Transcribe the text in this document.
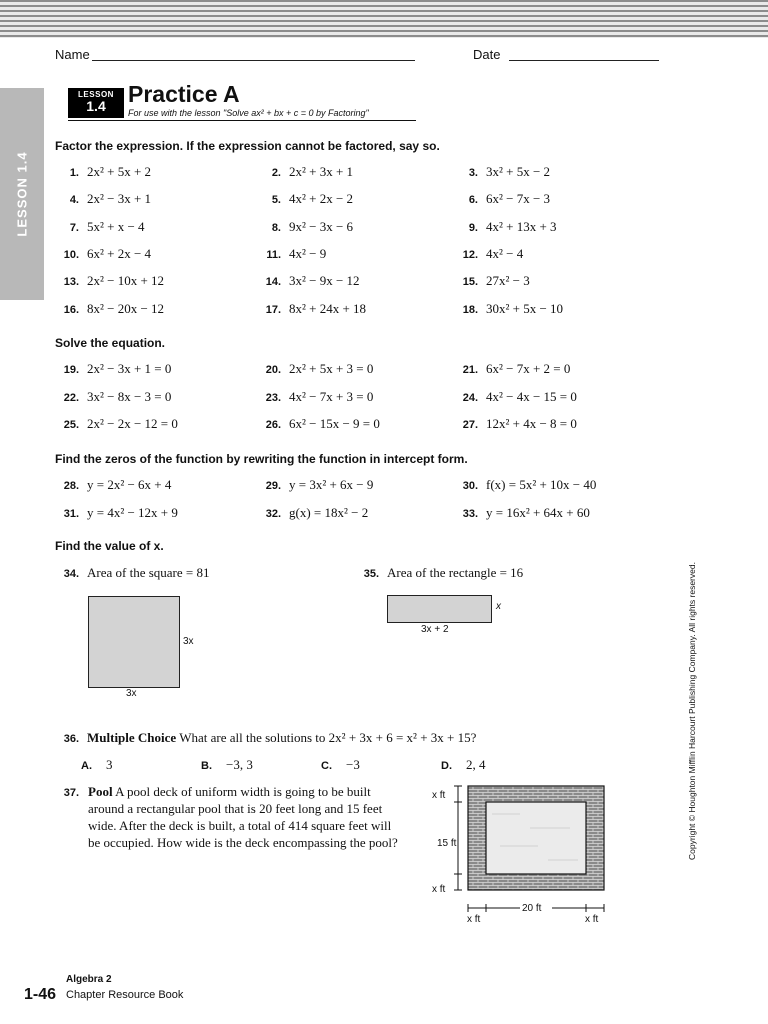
Name	Date
LESSON 1.4
LESSON
1.4 Practice A
For use with the lesson "Solve ax² + bx + c = 0 by Factoring"
Factor the expression. If the expression cannot be factored, say so.
1. 2x² + 5x + 2	2. 2x² + 3x + 1	3. 3x² + 5x − 2
4. 2x² − 3x + 1	5. 4x² + 2x − 2	6. 6x² − 7x − 3
7. 5x² + x − 4	8. 9x² − 3x − 6	9. 4x² + 13x + 3
10. 6x² + 2x − 4	11. 4x² − 9	12. 4x² − 4
13. 2x² − 10x + 12	14. 3x² − 9x − 12	15. 27x² − 3
16. 8x² − 20x − 12	17. 8x² + 24x + 18	18. 30x² + 5x − 10
Solve the equation.
19. 2x² − 3x + 1 = 0	20. 2x² + 5x + 3 = 0	21. 6x² − 7x + 2 = 0
22. 3x² − 8x − 3 = 0	23. 4x² − 7x + 3 = 0	24. 4x² − 4x − 15 = 0
25. 2x² − 2x − 12 = 0	26. 6x² − 15x − 9 = 0	27. 12x² + 4x − 8 = 0
Find the zeros of the function by rewriting the function in intercept form.
28. y = 2x² − 6x + 4	29. y = 3x² + 6x − 9	30. f(x) = 5x² + 10x − 40
31. y = 4x² − 12x + 9	32. g(x) = 18x² − 2	33. y = 16x² + 64x + 60
Find the value of x.
34. Area of the square = 81
3x
3x
35. Area of the rectangle = 16
x
3x + 2
36. Multiple Choice What are all the solutions to 2x² + 3x + 6 = x² + 3x + 15?
A. 3	B. −3, 3	C. −3	D. 2, 4
37. Pool A pool deck of uniform width is going to be built around a rectangular pool that is 20 feet long and 15 feet wide. After the deck is built, a total of 414 square feet will be occupied. How wide is the deck encompassing the pool?
x ft
15 ft
x ft
20 ft
x ft	x ft
Copyright © Houghton Mifflin Harcourt Publishing Company. All rights reserved.
Algebra 2
1-46 Chapter Resource Book
